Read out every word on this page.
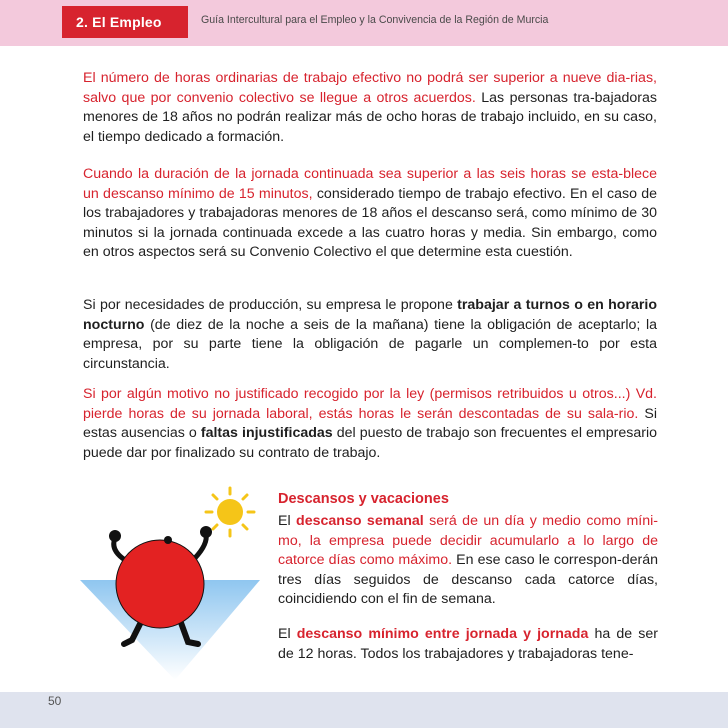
2. El Empleo	Guía Intercultural para el Empleo y la Convivencia de la Región de Murcia

El número de horas ordinarias de trabajo efectivo no podrá ser superior a nueve dia-rias, salvo que por convenio colectivo se llegue a otros acuerdos. Las personas tra-bajadoras menores de 18 años no podrán realizar más de ocho horas de trabajo incluido, en su caso, el tiempo dedicado a formación.

Cuando la duración de la jornada continuada sea superior a las seis horas se esta-blece un descanso mínimo de 15 minutos, considerado tiempo de trabajo efectivo. En el caso de los trabajadores y trabajadoras menores de 18 años el descanso será, como mínimo de 30 minutos si la jornada continuada excede a las cuatro horas y media. Sin embargo, como en otros aspectos será su Convenio Colectivo el que determine esta cuestión.

Si por necesidades de producción, su empresa le propone trabajar a turnos o en horario nocturno (de diez de la noche a seis de la mañana) tiene la obligación de aceptarlo; la empresa, por su parte tiene la obligación de pagarle un complemen-to por esta circunstancia.

Si por algún motivo no justificado recogido por la ley (permisos retribuidos u otros...) Vd. pierde horas de su jornada laboral, estás horas le serán descontadas de su sala-rio. Si estas ausencias o faltas injustificadas del puesto de trabajo son frecuentes el empresario puede dar por finalizado su contrato de trabajo.

Descansos y vacaciones

El descanso semanal será de un día y medio como míni-mo, la empresa puede decidir acumularlo a lo largo de catorce días como máximo. En ese caso le correspon-derán tres días seguidos de descanso cada catorce días, coincidiendo con el fin de semana.

El descanso mínimo entre jornada y jornada ha de ser de 12 horas. Todos los trabajadores y trabajadoras tene-

50
